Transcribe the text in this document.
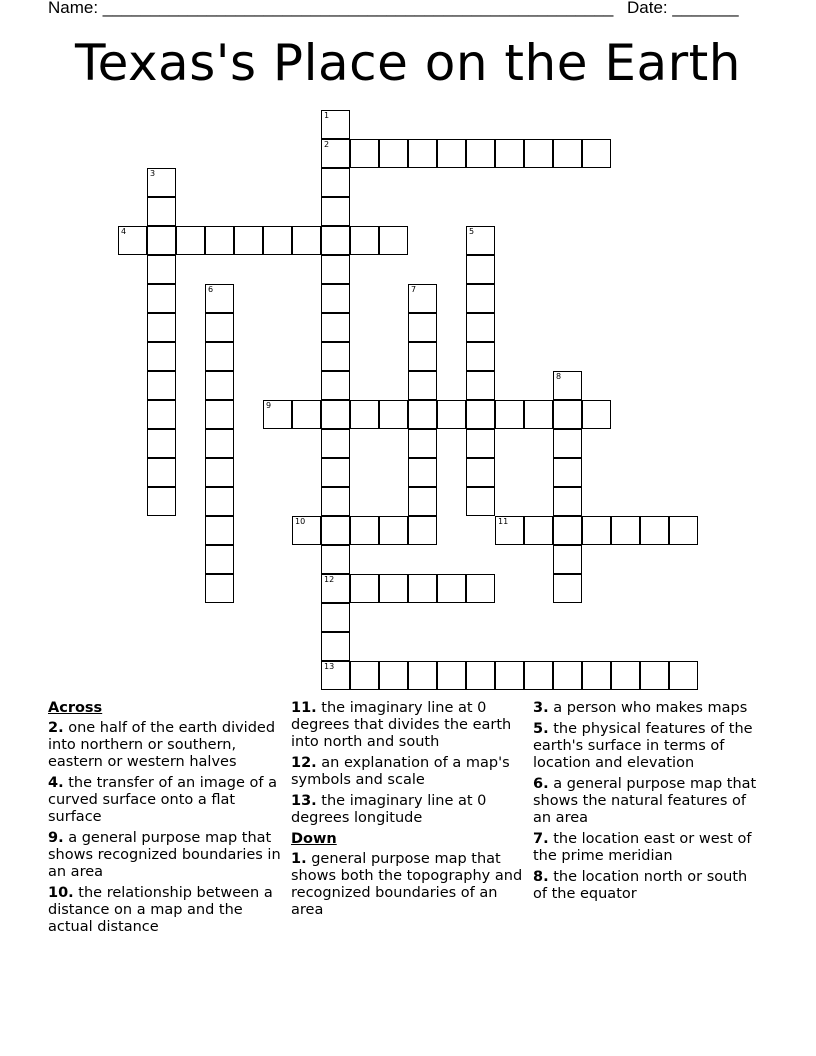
Name: ______________________________________________________ Date: _______
Texas's Place on the Earth
1
2
12
13
3
4	5
6	7
8
9
10	11
Across
2. one half of the earth divided into northern or southern, eastern or western halves
4. the transfer of an image of a curved surface onto a flat surface
9. a general purpose map that shows recognized boundaries in an area
10. the relationship between a distance on a map and the actual distance
11. the imaginary line at 0 degrees that divides the earth into north and south
12. an explanation of a map's symbols and scale
13. the imaginary line at 0 degrees longitude
Down
1. general purpose map that shows both the topography and recognized boundaries of an area
3. a person who makes maps
5. the physical features of the earth's surface in terms of location and elevation
6. a general purpose map that shows the natural features of an area
7. the location east or west of the prime meridian
8. the location north or south of the equator
